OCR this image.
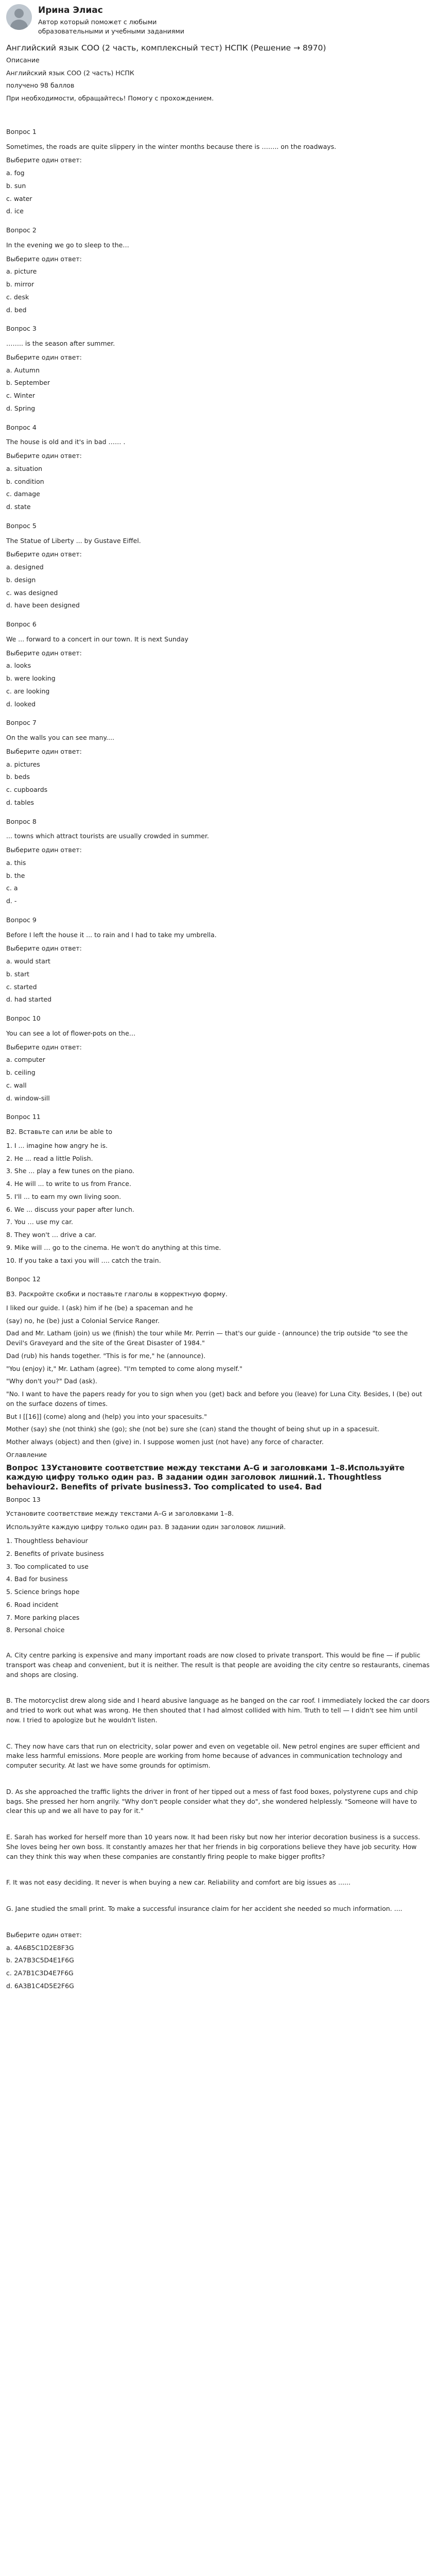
Ирина Элиас
Автор который поможет с любыми образовательными и учебными заданиями
Английский язык СОО (2 часть, комплексный тест) НСПК (Решение → 8970)
Описание
Английский язык СОО (2 часть) НСПК
получено 98 баллов
При необходимости, обращайтесь! Помогу с прохождением.
Вопрос 1
Sometimes, the roads are quite slippery in the winter months because there is …….. on the roadways.
Выберите один ответ:
a. fog
b. sun
c. water
d. ice
Вопрос 2
In the evening we go to sleep to the…
Выберите один ответ:
a. picture
b. mirror
c. desk
d. bed
Вопрос 3
…….. is the season after summer.
Выберите один ответ:
a. Autumn
b. September
c. Winter
d. Spring
Вопрос 4
The house is old and it's in bad …… .
Выберите один ответ:
a. situation
b. condition
c. damage
d. state
Вопрос 5
The Statue of Liberty ... by Gustave Eiffel.
Выберите один ответ:
a. designed
b. design
c. was designed
d. have been designed
Вопрос 6
We ... forward to a concert in our town. It is next Sunday
Выберите один ответ:
a. looks
b. were looking
c. are looking
d. looked
Вопрос 7
On the walls you can see many....
Выберите один ответ:
a. pictures
b. beds
c. cupboards
d. tables
Вопрос 8
... towns which attract tourists are usually crowded in summer.
Выберите один ответ:
a. this
b. the
c. a
d. -
Вопрос 9
Before I left the house it ... to rain and I had to take my umbrella.
Выберите один ответ:
a. would start
b. start
c. started
d. had started
Вопрос 10
You can see a lot of flower-pots on the…
Выберите один ответ:
a. computer
b. ceiling
c. wall
d. window-sill
Вопрос 11
B2. Вставьте can или be able to
1. I ... imagine how angry he is.
2. He ... read a little Polish.
3. She ... play a few tunes on the piano.
4. He will ... to write to us from France.
5. I'll ... to earn my own living soon.
6. We ... discuss your paper after lunch.
7. You … use my car.
8. They won't … drive a car.
9. Mike will … go to the cinema. He won't do anything at this time.
10. If you take a taxi you will …. catch the train.
Вопрос 12
B3. Раскройте скобки и поставьте глаголы в корректную форму.
I liked our guide. I (ask) him if he (be) a spaceman and he
(say) no, he (be) just a Colonial Service Ranger.
Dad and Mr. Latham (join) us we (finish) the tour while Mr. Perrin — that's our guide - (announce) the trip outside "to see the Devil's Graveyard and the site of the Great Disaster of 1984."
Dad (rub) his hands together. "This is for me," he (announce).
"You (enjoy) it," Mr. Latham (agree). "I'm tempted to come along myself."
"Why don't you?" Dad (ask).
"No. I want to have the papers ready for you to sign when you (get) back and before you (leave) for Luna City. Besides, I (be) out on the surface dozens of times.
But I [[16]] (come) along and (help) you into your spacesuits."
Mother (say) she (not think) she (go); she (not be) sure she (can) stand the thought of being shut up in a spacesuit.
Mother always (object) and then (give) in. I suppose women just (not have) any force of character.
Оглавление
Вопрос 13Установите соответствие между текстами A–G и заголовками 1–8.Используйте каждую цифру только один раз. В задании один заголовок лишний.1. Thoughtless behaviour2. Benefits of private business3. Too complicated to use4. Bad
Вопрос 13
Установите соответствие между текстами A–G и заголовками 1–8.
Используйте каждую цифру только один раз. В задании один заголовок лишний.
1. Thoughtless behaviour
2. Benefits of private business
3. Too complicated to use
4. Bad for business
5. Science brings hope
6. Road incident
7. More parking places
8. Personal choice
A. City centre parking is expensive and many important roads are now closed to private transport. This would be fine — if public transport was cheap and convenient, but it is neither. The result is that people are avoiding the city centre so restaurants, cinemas and shops are closing.
B. The motorcyclist drew along side and I heard abusive language as he banged on the car roof. I immediately locked the car doors and tried to work out what was wrong. He then shouted that I had almost collided with him. Truth to tell — I didn't see him until now. I tried to apologize but he wouldn't listen.
C. They now have cars that run on electricity, solar power and even on vegetable oil. New petrol engines are super efficient and make less harmful emissions. More people are working from home because of advances in communication technology and computer security. At last we have some grounds for optimism.
D. As she approached the traffic lights the driver in front of her tipped out a mess of fast food boxes, polystyrene cups and chip bags. She pressed her horn angrily. "Why don't people consider what they do", she wondered helplessly. "Someone will have to clear this up and we all have to pay for it."
E. Sarah has worked for herself more than 10 years now. It had been risky but now her interior decoration business is a success. She loves being her own boss. It constantly amazes her that her friends in big corporations believe they have job security. How can they think this way when these companies are constantly firing people to make bigger profits?
F. It was not easy deciding. It never is when buying a new car. Reliability and comfort are big issues as ......
G. Jane studied the small print. To make a successful insurance claim for her accident she needed so much information. ....
Выберите один ответ:
a. 4A6B5C1D2E8F3G
b. 2A7B3C5D4E1F6G
c. 2A7B1C3D4E7F6G
d. 6A3B1C4D5E2F6G
